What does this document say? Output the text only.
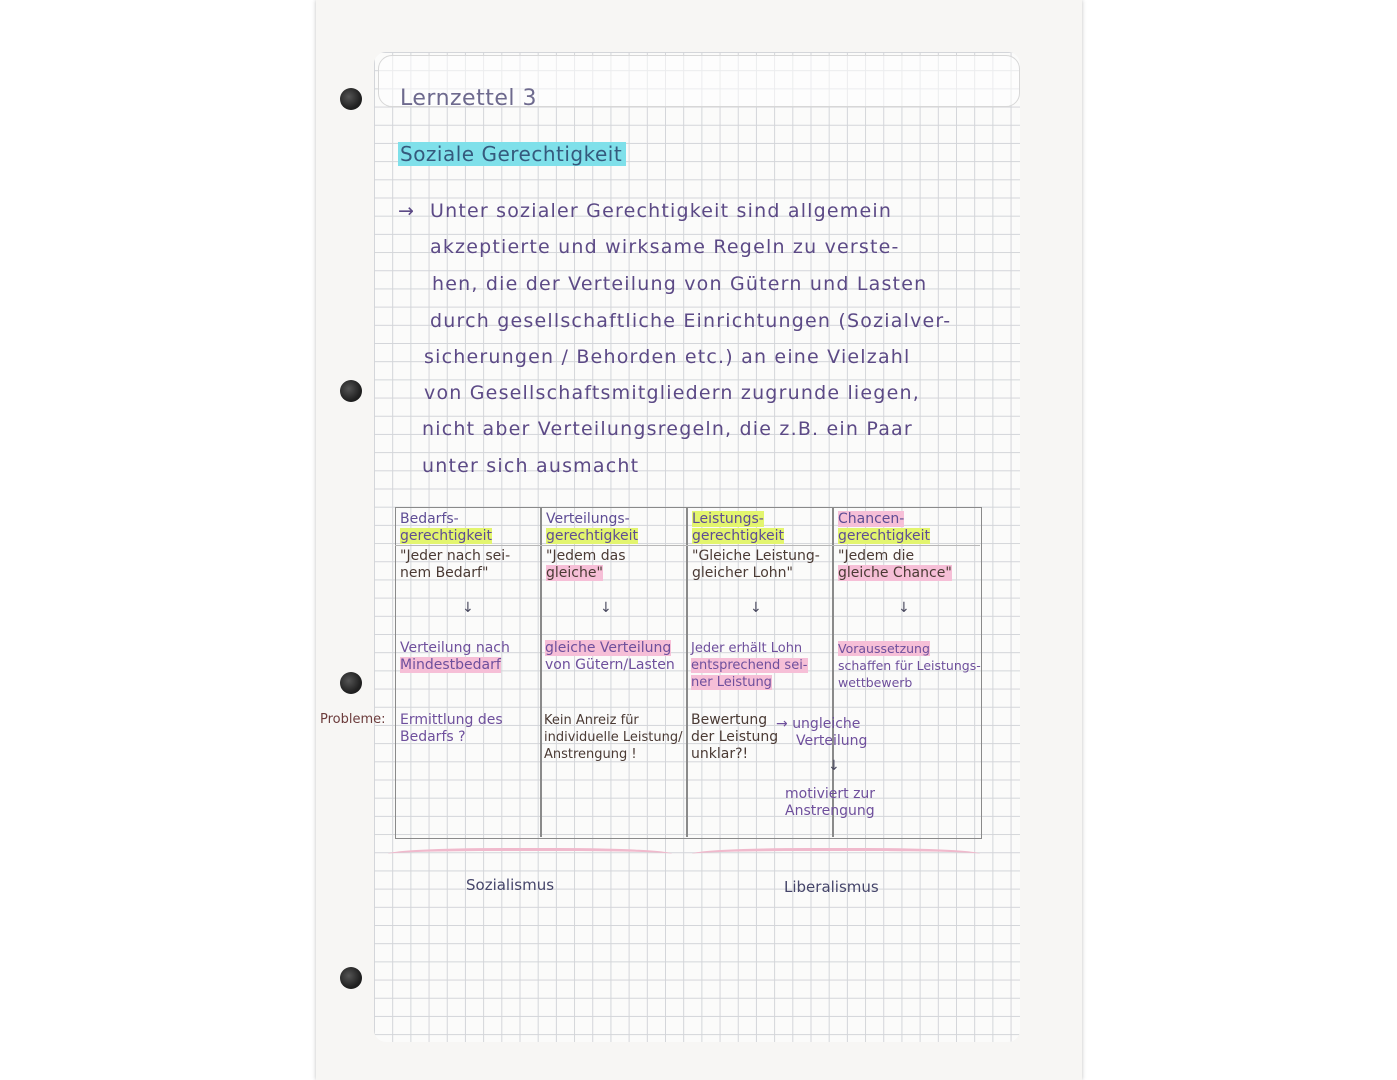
Lernzettel 3
Soziale Gerechtigkeit
→ Unter sozialer Gerechtigkeit sind allgemein
akzeptierte und wirksame Regeln zu verste-
hen, die der Verteilung von Gütern und Lasten
durch gesellschaftliche Einrichtungen (Sozialver-
sicherungen / Behorden etc.) an eine Vielzahl
von Gesellschaftsmitgliedern zugrunde liegen,
nicht aber Verteilungsregeln, die z.B. ein Paar
unter sich ausmacht
Bedarfs-
gerechtigkeit
"Jeder nach sei-
nem Bedarf"
↓
Verteilung nach
Mindestbedarf
Ermittlung des
Bedarfs ?
Verteilungs-
gerechtigkeit
"Jedem das
gleiche"
↓
gleiche Verteilung
von Gütern/Lasten
Kein Anreiz für
individuelle Leistung/
Anstrengung !
Leistungs-
gerechtigkeit
"Gleiche Leistung-
gleicher Lohn"
↓
Jeder erhält Lohn
entsprechend sei-
ner Leistung
Bewertung
der Leistung
unklar?!
Chancen-
gerechtigkeit
"Jedem die
gleiche Chance"
↓
Voraussetzung
schaffen für Leistungs-
wettbewerb
→ ungleiche
Verteilung
↓
motiviert zur
Anstrengung
Probleme:
Sozialismus	Liberalismus
